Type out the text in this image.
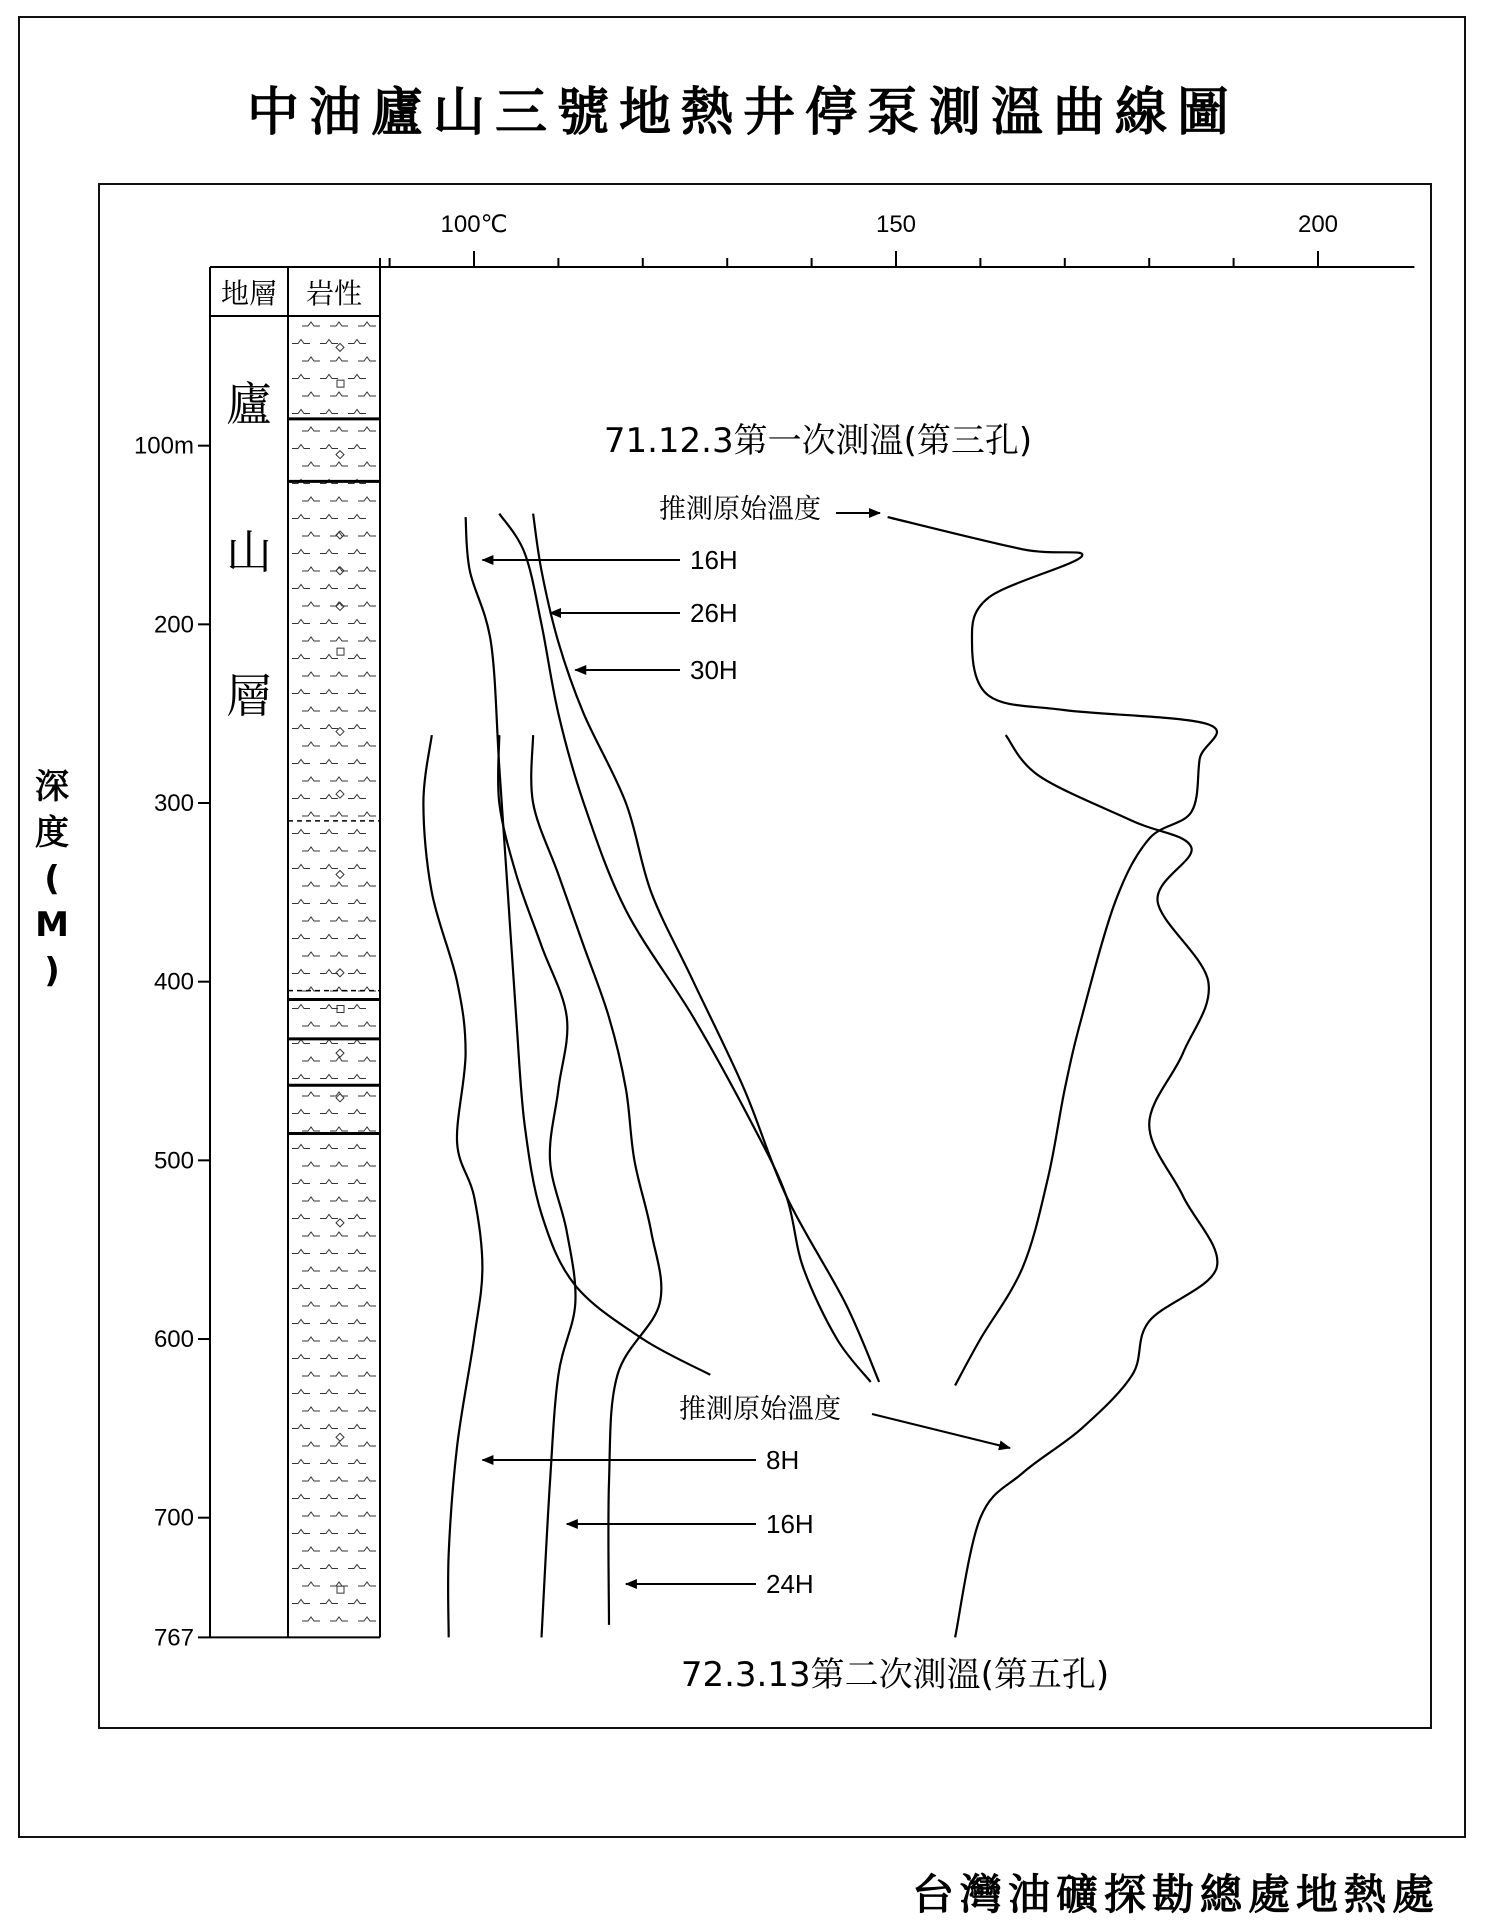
中油廬山三號地熱井停泵測溫曲線圖
100℃	150	200
100m
200
300
400
500
600
700
767
深
度
(
M
)
地層 岩性
廬
山
層
71.12.3第一次測溫(第三孔)
推測原始溫度
16H
26H
30H
72.3.13第二次測溫(第五孔)
推測原始溫度
8H
16H
24H
台灣油礦探勘總處地熱處
